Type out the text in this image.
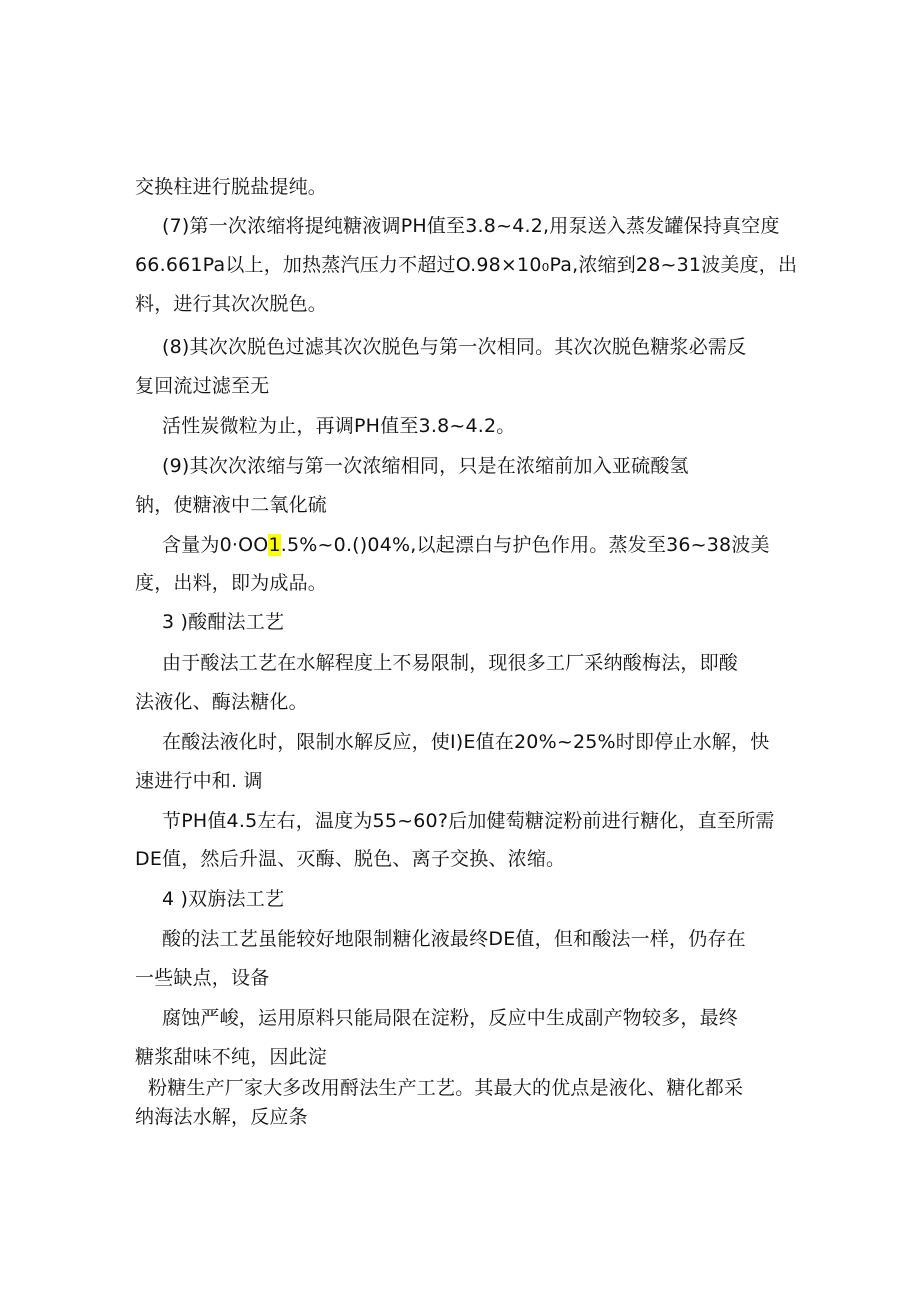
交换柱进行脱盐提纯。
(7)第一次浓缩将提纯糖液调PH值至3.8~4.2,用泵送入蒸发罐保持真空度
66.661Pa以上，加热蒸汽压力不超过O.98×10₀Pa,浓缩到28~31波美度，出
料，进行其次次脱色。
(8)其次次脱色过滤其次次脱色与第一次相同。其次次脱色糖浆必需反
复回流过滤至无
活性炭微粒为止，再调PH值至3.8~4.2。
(9)其次次浓缩与第一次浓缩相同，只是在浓缩前加入亚硫酸氢
钠，使糖液中二氧化硫
含量为0·OO1.5%~0.()04%,以起漂白与护色作用。蒸发至36~38波美
度，出料，即为成品。
3 )酸酣法工艺
由于酸法工艺在水解程度上不易限制，现很多工厂采纳酸梅法，即酸
法液化、酶法糖化。
在酸法液化时，限制水解反应，使I)E值在20%~25%时即停止水解，快
速进行中和. 调
节PH值4.5左右，温度为55~60?后加健萄糖淀粉前进行糖化，直至所需
DE值，然后升温、灭酶、脱色、离子交换、浓缩。
4 )双旃法工艺
酸的法工艺虽能较好地限制糖化液最终DE值，但和酸法一样，仍存在
一些缺点，设备
腐蚀严峻，运用原料只能局限在淀粉，反应中生成副产物较多，最终
糖浆甜味不纯，因此淀
粉糖生产厂家大多改用酹法生产工艺。其最大的优点是液化、糖化都采
纳海法水解，反应条
